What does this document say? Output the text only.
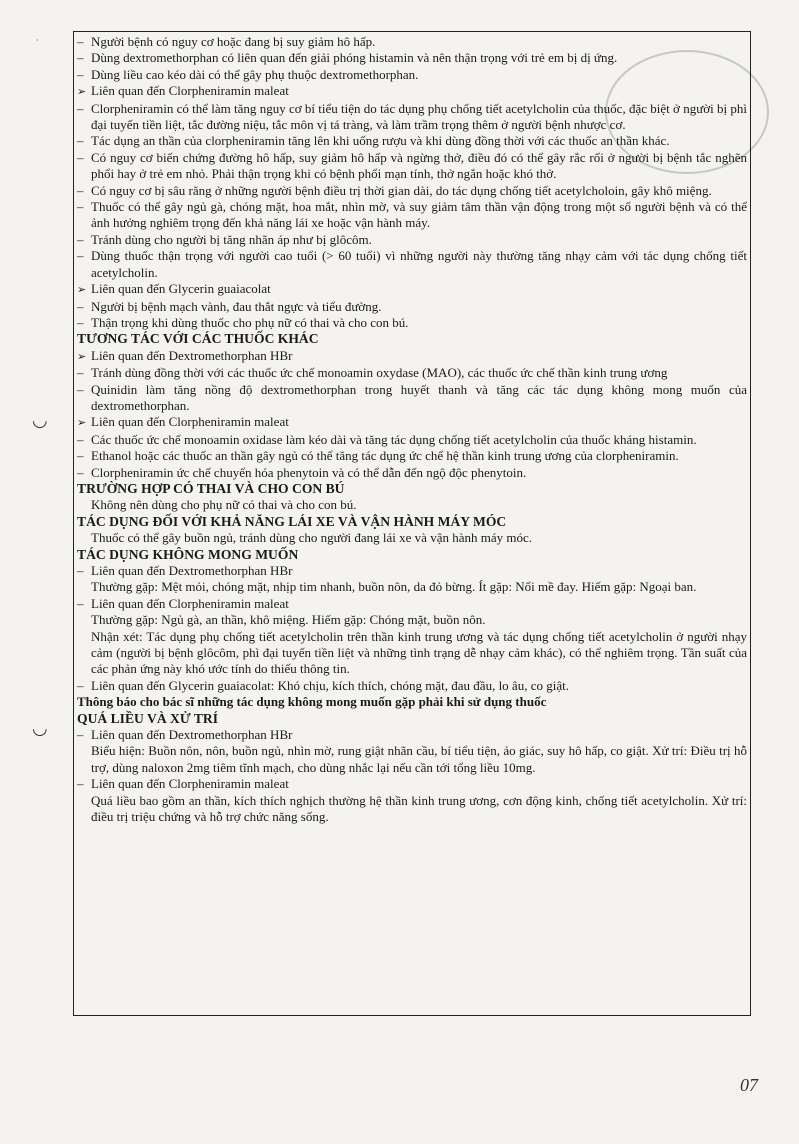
◡
◡
·
–	Người bệnh có nguy cơ hoặc đang bị suy giảm hô hấp.
– Dùng dextromethorphan có liên quan đến giải phóng histamin và nên thận trọng với trẻ em bị dị ứng.
– Dùng liều cao kéo dài có thể gây phụ thuộc dextromethorphan.
➢ Liên quan đến Clorpheniramin maleat
– Clorpheniramin có thể làm tăng nguy cơ bí tiểu tiện do tác dụng phụ chống tiết acetylcholin của thuốc, đặc biệt ở người bị phì đại tuyến tiền liệt, tắc đường niệu, tắc môn vị tá tràng, và làm trầm trọng thêm ở người bệnh nhược cơ.
– Tác dụng an thần của clorpheniramin tăng lên khi uống rượu và khi dùng đồng thời với các thuốc an thần khác.
– Có nguy cơ biến chứng đường hô hấp, suy giảm hô hấp và ngừng thở, điều đó có thể gây rắc rối ở người bị bệnh tắc nghẽn phổi hay ở trẻ em nhỏ. Phải thận trọng khi có bệnh phổi mạn tính, thở ngắn hoặc khó thở.
– Có nguy cơ bị sâu răng ở những người bệnh điều trị thời gian dài, do tác dụng chống tiết acetylcholoin, gây khô miệng.
– Thuốc có thể gây ngủ gà, chóng mặt, hoa mắt, nhìn mờ, và suy giảm tâm thần vận động trong một số người bệnh và có thể ảnh hưởng nghiêm trọng đến khả năng lái xe hoặc vận hành máy.
– Tránh dùng cho người bị tăng nhãn áp như bị glôcôm.
– Dùng thuốc thận trọng với người cao tuổi (> 60 tuổi) vì những người này thường tăng nhạy cảm với tác dụng chống tiết acetylcholin.
➢ Liên quan đến Glycerin guaiacolat
– Người bị bệnh mạch vành, đau thắt ngực và tiểu đường.
– Thận trọng khi dùng thuốc cho phụ nữ có thai và cho con bú.
TƯƠNG TÁC VỚI CÁC THUỐC KHÁC
➢ Liên quan đến Dextromethorphan HBr
– Tránh dùng đồng thời với các thuốc ức chế monoamin oxydase (MAO), các thuốc ức chế thần kinh trung ương
– Quinidin làm tăng nồng độ dextromethorphan trong huyết thanh và tăng các tác dụng không mong muốn của dextromethorphan.
➢ Liên quan đến Clorpheniramin maleat
– Các thuốc ức chế monoamin oxidase làm kéo dài và tăng tác dụng chống tiết acetylcholin của thuốc kháng histamin.
– Ethanol hoặc các thuốc an thần gây ngủ có thể tăng tác dụng ức chế hệ thần kinh trung ương của clorpheniramin.
– Clorpheniramin ức chế chuyển hóa phenytoin và có thể dẫn đến ngộ độc phenytoin.
TRƯỜNG HỢP CÓ THAI VÀ CHO CON BÚ
Không nên dùng cho phụ nữ có thai và cho con bú.
TÁC DỤNG ĐỐI VỚI KHẢ NĂNG LÁI XE VÀ VẬN HÀNH MÁY MÓC
Thuốc có thể gây buồn ngủ, tránh dùng cho người đang lái xe và vận hành máy móc.
TÁC DỤNG KHÔNG MONG MUỐN
– Liên quan đến Dextromethorphan HBr
Thường gặp: Mệt mỏi, chóng mặt, nhịp tim nhanh, buồn nôn, da đỏ bừng. Ít gặp: Nổi mề đay. Hiếm gặp: Ngoại ban.
– Liên quan đến Clorpheniramin maleat
Thường gặp: Ngủ gà, an thần, khô miệng. Hiếm gặp: Chóng mặt, buồn nôn.
Nhận xét: Tác dụng phụ chống tiết acetylcholin trên thần kinh trung ương và tác dụng chống tiết acetylcholin ở người nhạy cảm (người bị bệnh glôcôm, phì đại tuyến tiền liệt và những tình trạng dễ nhạy cảm khác), có thể nghiêm trọng. Tần suất của các phản ứng này khó ước tính do thiếu thông tin.
– Liên quan đến Glycerin guaiacolat: Khó chịu, kích thích, chóng mặt, đau đầu, lo âu, co giật.
Thông báo cho bác sĩ những tác dụng không mong muốn gặp phải khi sử dụng thuốc
QUÁ LIỀU VÀ XỬ TRÍ
– Liên quan đến Dextromethorphan HBr
Biểu hiện: Buồn nôn, nôn, buồn ngủ, nhìn mờ, rung giật nhãn cầu, bí tiểu tiện, ảo giác, suy hô hấp, co giật. Xử trí: Điều trị hỗ trợ, dùng naloxon 2mg tiêm tĩnh mạch, cho dùng nhắc lại nếu cần tới tổng liều 10mg.
– Liên quan đến Clorpheniramin maleat
Quá liều bao gồm an thần, kích thích nghịch thường hệ thần kinh trung ương, cơn động kinh, chống tiết acetylcholin. Xử trí: điều trị triệu chứng và hỗ trợ chức năng sống.
07
